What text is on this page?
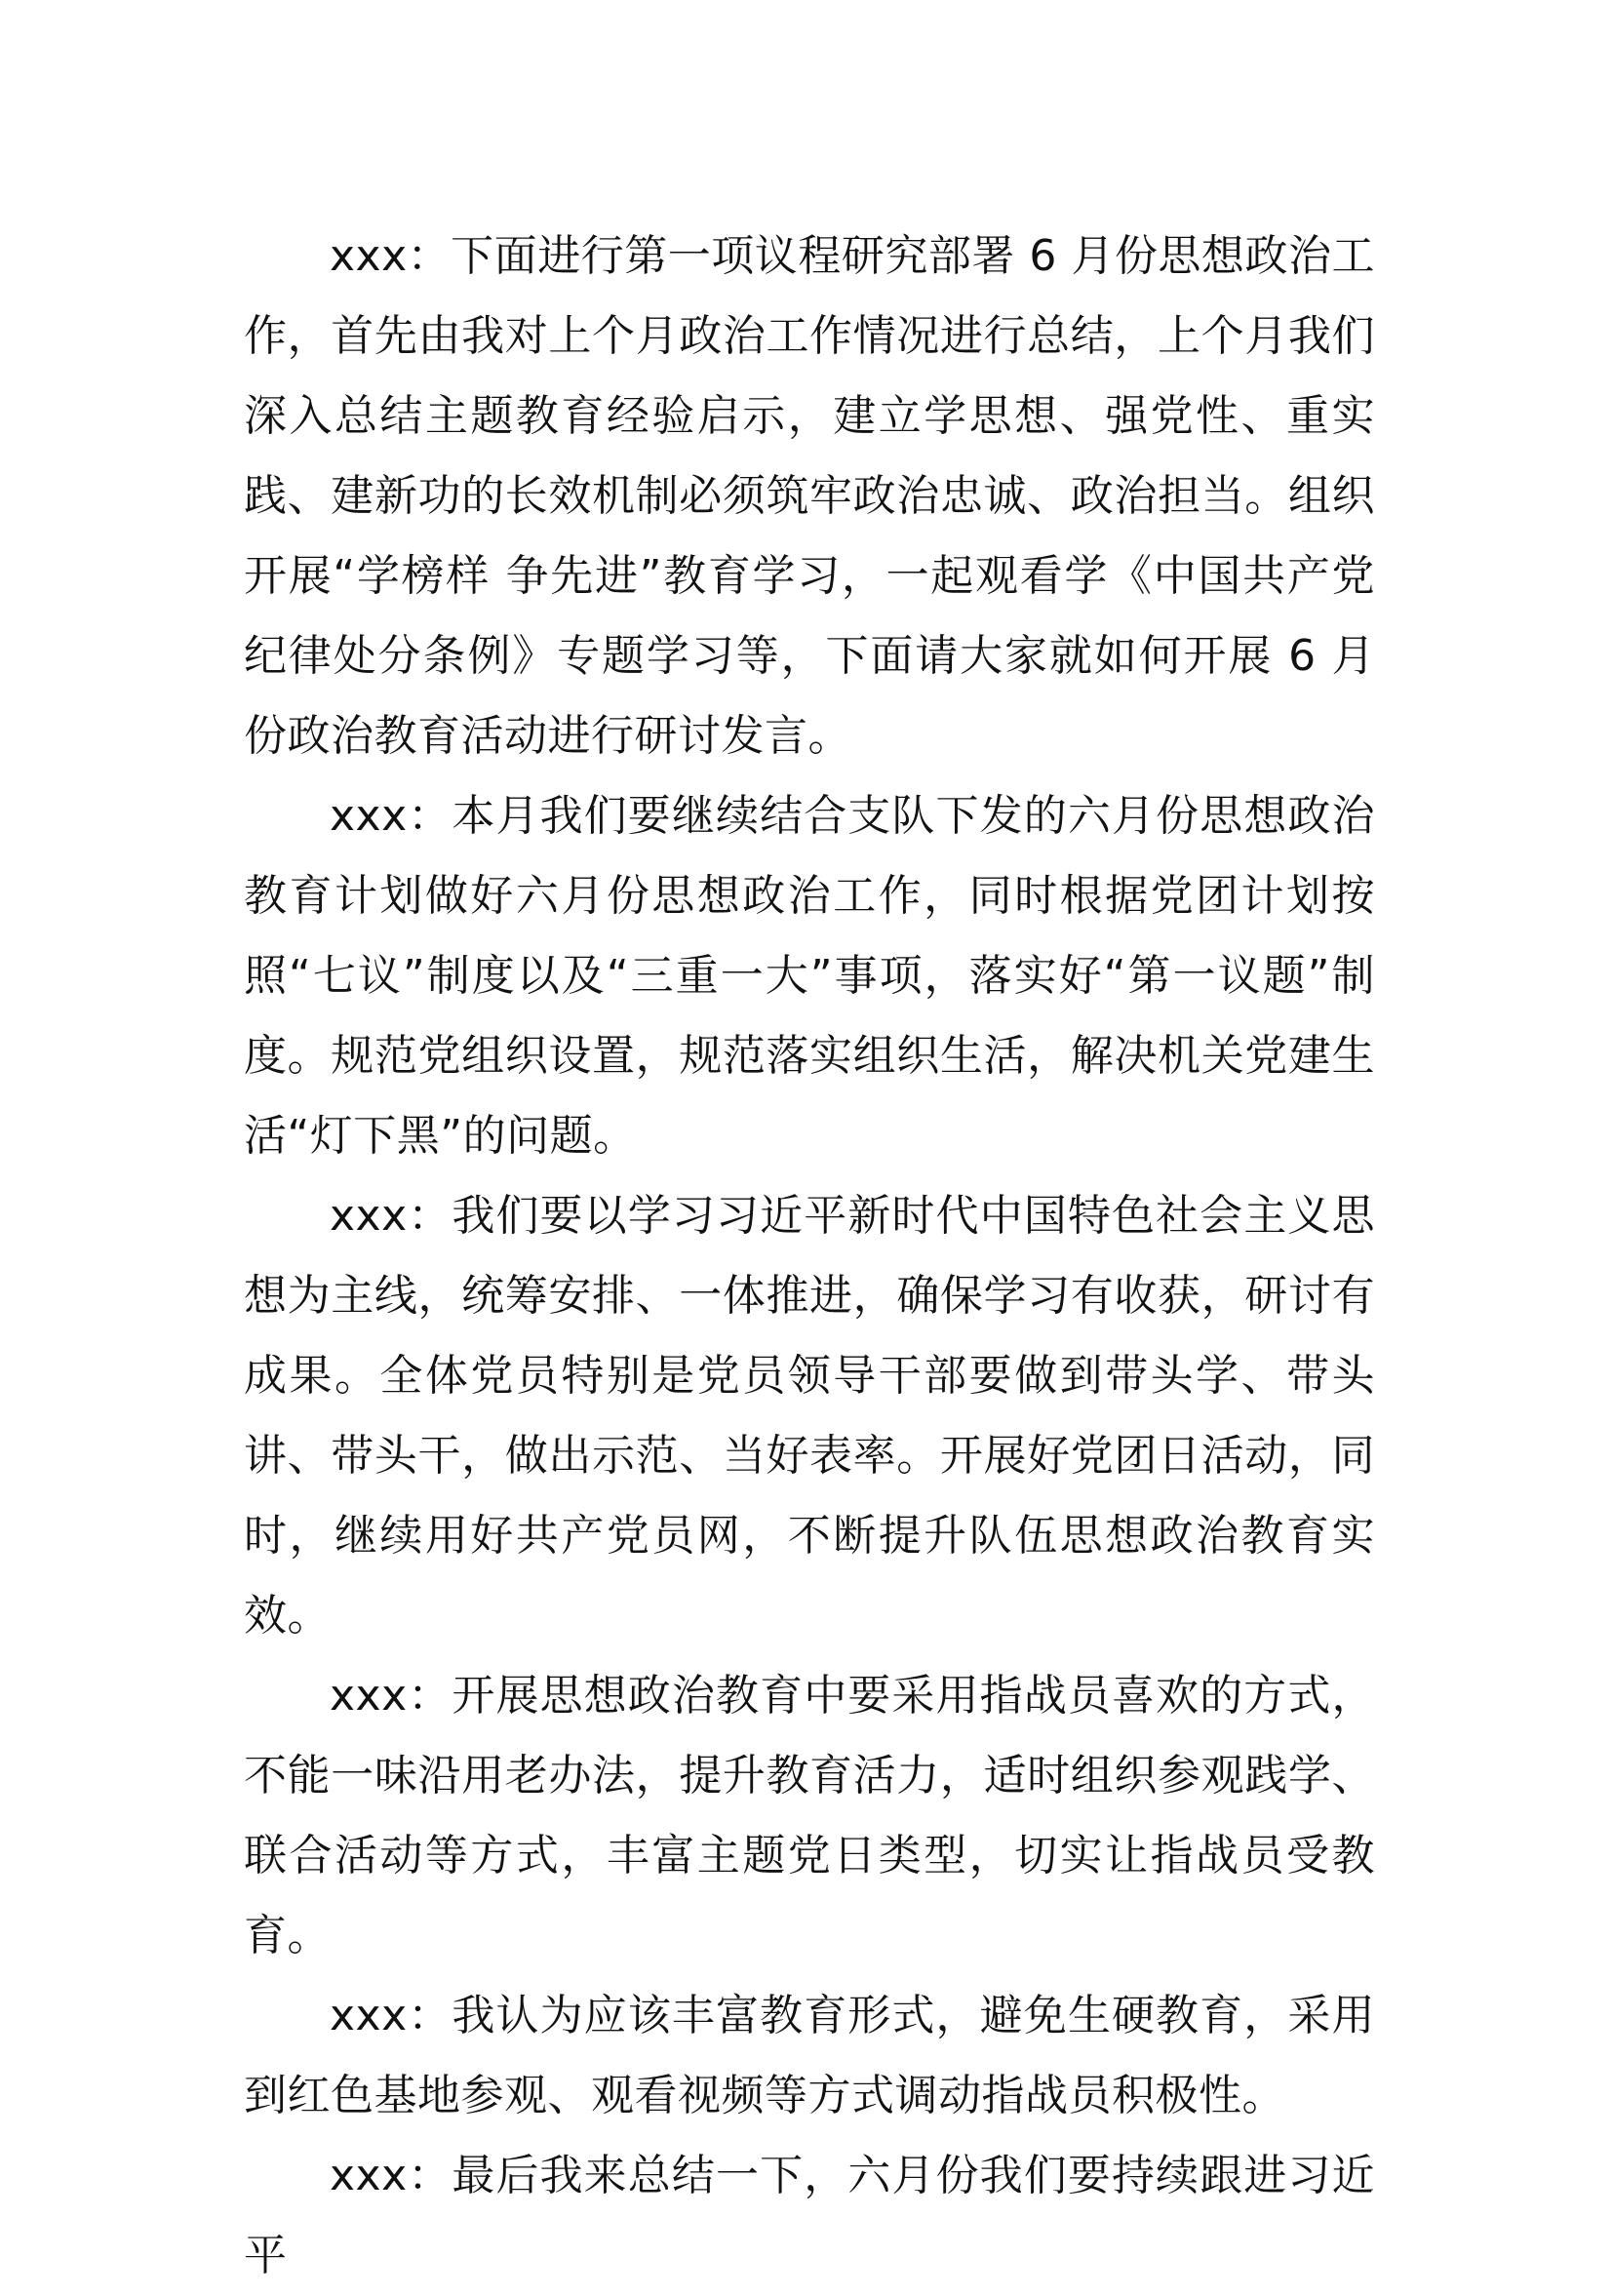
xxx：下面进行第一项议程研究部署 6 月份思想政治工作，首先由我对上个月政治工作情况进行总结，上个月我们深入总结主题教育经验启示，建立学思想、强党性、重实践、建新功的长效机制必须筑牢政治忠诚、政治担当。组织开展“学榜样 争先进”教育学习，一起观看学《中国共产党纪律处分条例》专题学习等，下面请大家就如何开展 6 月份政治教育活动进行研讨发言。

xxx：本月我们要继续结合支队下发的六月份思想政治教育计划做好六月份思想政治工作，同时根据党团计划按照“七议”制度以及“三重一大”事项，落实好“第一议题”制度。规范党组织设置，规范落实组织生活，解决机关党建生活“灯下黑”的问题。

xxx：我们要以学习习近平新时代中国特色社会主义思想为主线，统筹安排、一体推进，确保学习有收获，研讨有成果。全体党员特别是党员领导干部要做到带头学、带头讲、带头干，做出示范、当好表率。开展好党团日活动，同时，继续用好共产党员网，不断提升队伍思想政治教育实效。

xxx：开展思想政治教育中要采用指战员喜欢的方式，不能一味沿用老办法，提升教育活力，适时组织参观践学、联合活动等方式，丰富主题党日类型，切实让指战员受教育。

xxx：我认为应该丰富教育形式，避免生硬教育，采用到红色基地参观、观看视频等方式调动指战员积极性。

xxx：最后我来总结一下，六月份我们要持续跟进习近平
